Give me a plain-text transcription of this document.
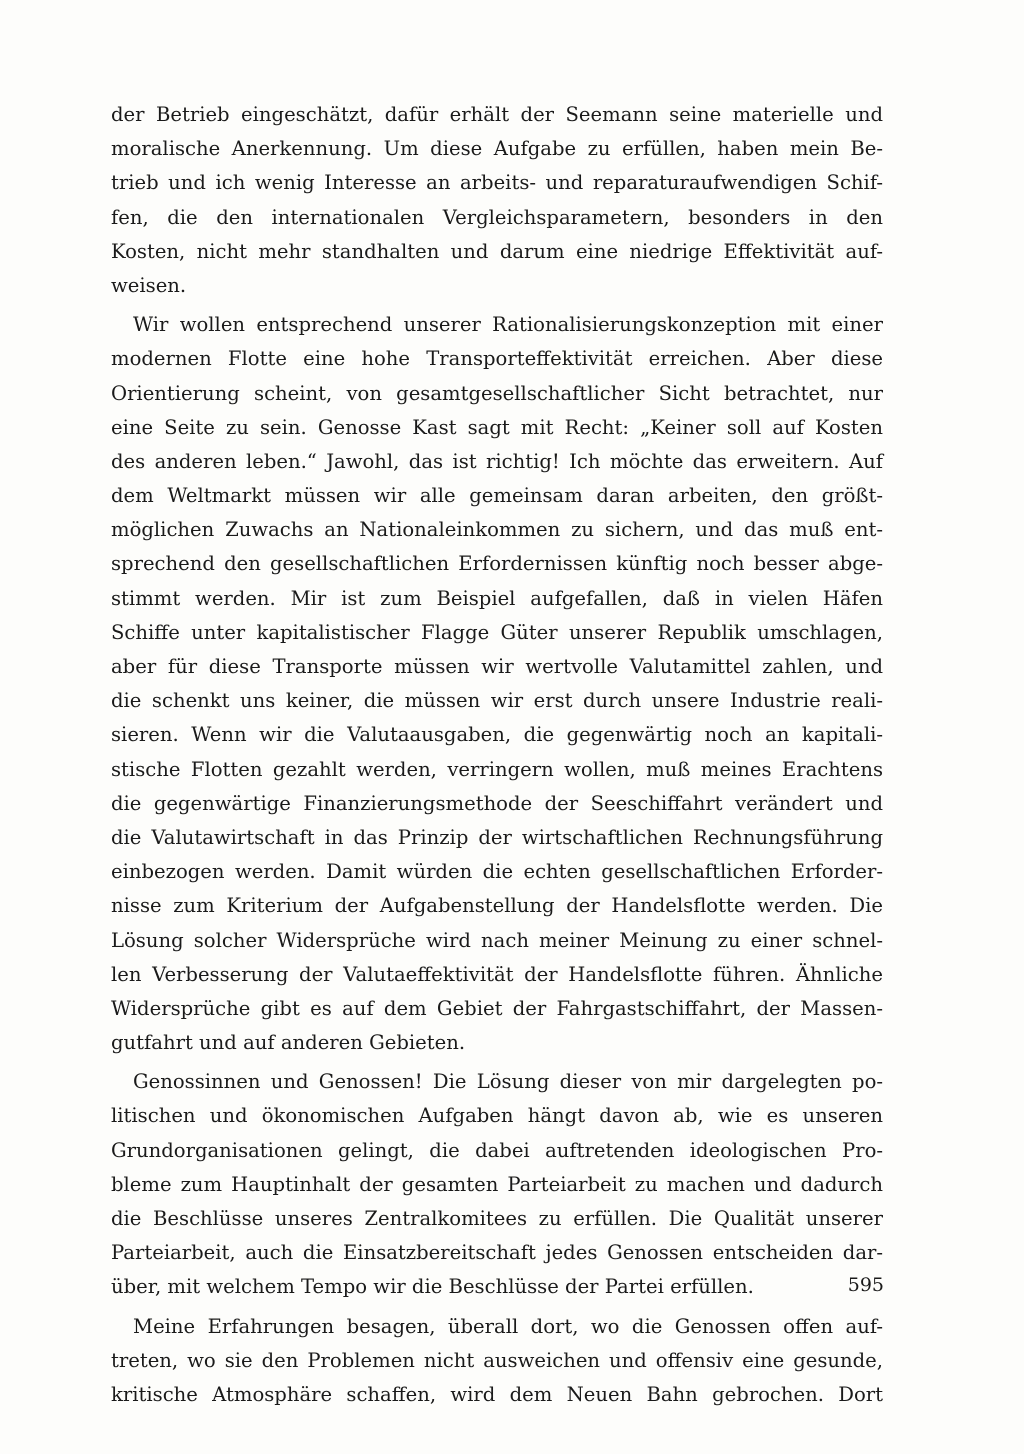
der Betrieb eingeschätzt, dafür erhält der Seemann seine materielle und
moralische Anerkennung. Um diese Aufgabe zu erfüllen, haben mein Be-
trieb und ich wenig Interesse an arbeits- und reparaturaufwendigen Schif-
fen, die den internationalen Vergleichsparametern, besonders in den
Kosten, nicht mehr standhalten und darum eine niedrige Effektivität auf-
weisen.
Wir wollen entsprechend unserer Rationalisierungskonzeption mit einer
modernen Flotte eine hohe Transporteffektivität erreichen. Aber diese
Orientierung scheint, von gesamtgesellschaftlicher Sicht betrachtet, nur
eine Seite zu sein. Genosse Kast sagt mit Recht: „Keiner soll auf Kosten
des anderen leben.“ Jawohl, das ist richtig! Ich möchte das erweitern. Auf
dem Weltmarkt müssen wir alle gemeinsam daran arbeiten, den größt-
möglichen Zuwachs an Nationaleinkommen zu sichern, und das muß ent-
sprechend den gesellschaftlichen Erfordernissen künftig noch besser abge-
stimmt werden. Mir ist zum Beispiel aufgefallen, daß in vielen Häfen
Schiffe unter kapitalistischer Flagge Güter unserer Republik umschlagen,
aber für diese Transporte müssen wir wertvolle Valutamittel zahlen, und
die schenkt uns keiner, die müssen wir erst durch unsere Industrie reali-
sieren. Wenn wir die Valutaausgaben, die gegenwärtig noch an kapitali-
stische Flotten gezahlt werden, verringern wollen, muß meines Erachtens
die gegenwärtige Finanzierungsmethode der Seeschiffahrt verändert und
die Valutawirtschaft in das Prinzip der wirtschaftlichen Rechnungsführung
einbezogen werden. Damit würden die echten gesellschaftlichen Erforder-
nisse zum Kriterium der Aufgabenstellung der Handelsflotte werden. Die
Lösung solcher Widersprüche wird nach meiner Meinung zu einer schnel-
len Verbesserung der Valutaeffektivität der Handelsflotte führen. Ähnliche
Widersprüche gibt es auf dem Gebiet der Fahrgastschiffahrt, der Massen-
gutfahrt und auf anderen Gebieten.
Genossinnen und Genossen! Die Lösung dieser von mir dargelegten po-
litischen und ökonomischen Aufgaben hängt davon ab, wie es unseren
Grundorganisationen gelingt, die dabei auftretenden ideologischen Pro-
bleme zum Hauptinhalt der gesamten Parteiarbeit zu machen und dadurch
die Beschlüsse unseres Zentralkomitees zu erfüllen. Die Qualität unserer
Parteiarbeit, auch die Einsatzbereitschaft jedes Genossen entscheiden dar-
über, mit welchem Tempo wir die Beschlüsse der Partei erfüllen.
Meine Erfahrungen besagen, überall dort, wo die Genossen offen auf-
treten, wo sie den Problemen nicht ausweichen und offensiv eine gesunde,
kritische Atmosphäre schaffen, wird dem Neuen Bahn gebrochen. Dort
595
